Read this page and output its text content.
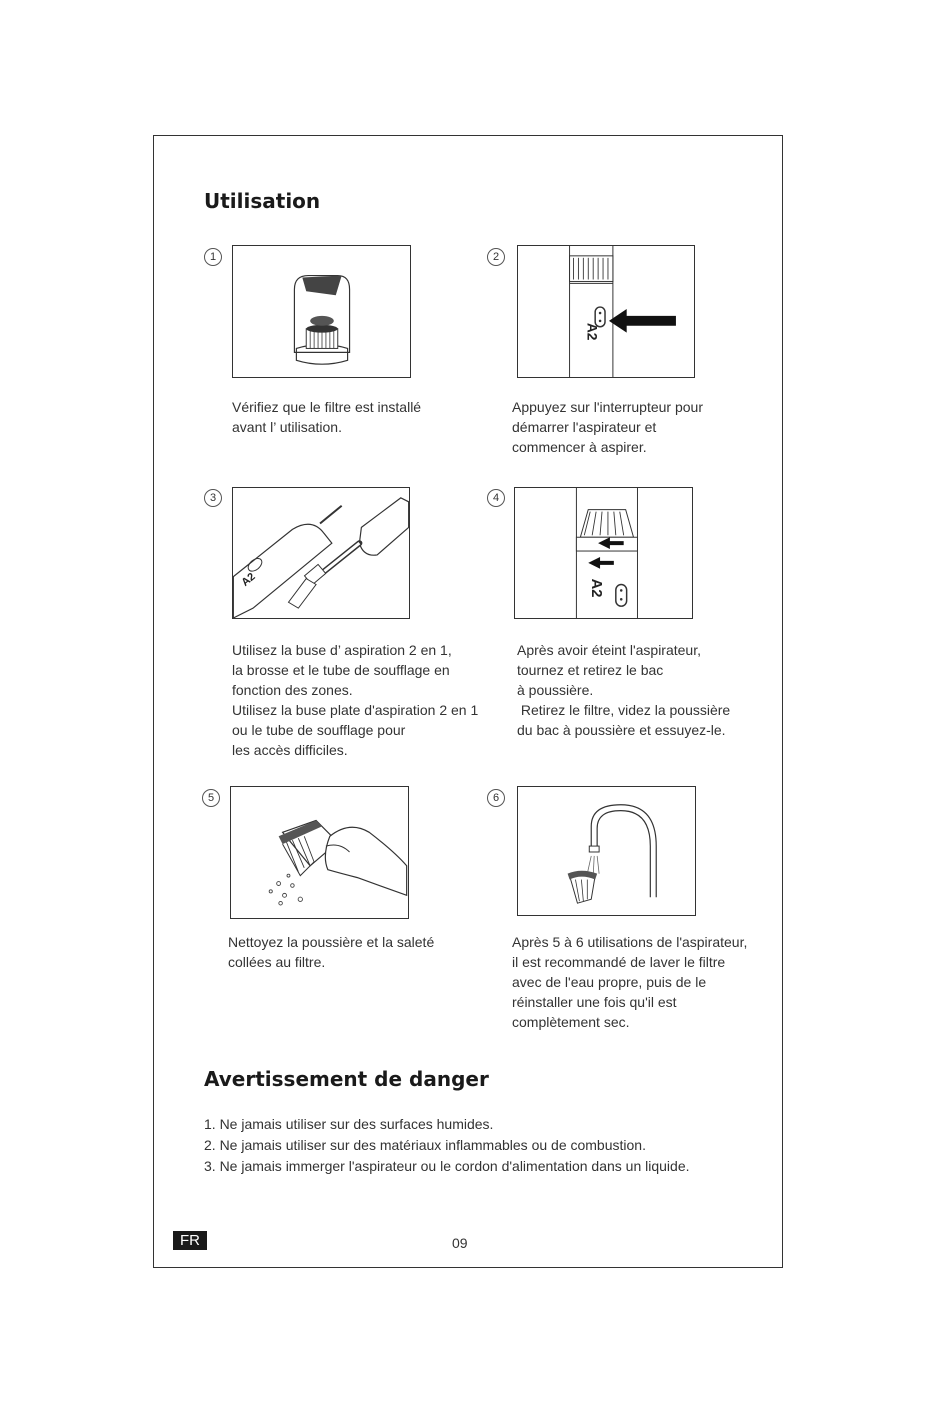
Utilisation
1
Vérifiez que le filtre est installé
avant l’ utilisation.
2
A2
Appuyez sur l'interrupteur pour
démarrer l'aspirateur et
commencer à aspirer.
3
A2
Utilisez la buse d’ aspiration 2 en 1,
la brosse et le tube de soufflage en
fonction des zones.
Utilisez la buse plate d'aspiration 2 en 1
ou le tube de soufflage pour
les accès difficiles.
4
A2
Après avoir éteint l'aspirateur,
tournez et retirez le bac
à poussière.
Retirez le filtre, videz la poussière
du bac à poussière et essuyez-le.
5
Nettoyez la poussière et la saleté
collées au filtre.
6
Après 5 à 6 utilisations de l'aspirateur,
il est recommandé de laver le filtre
avec de l'eau propre, puis de le
réinstaller une fois qu'il est
complètement sec.
Avertissement de danger
1. Ne jamais utiliser sur des surfaces humides.
2. Ne jamais utiliser sur des matériaux inflammables ou de combustion.
3. Ne jamais immerger l'aspirateur ou le cordon d'alimentation dans un liquide.
FR	09
